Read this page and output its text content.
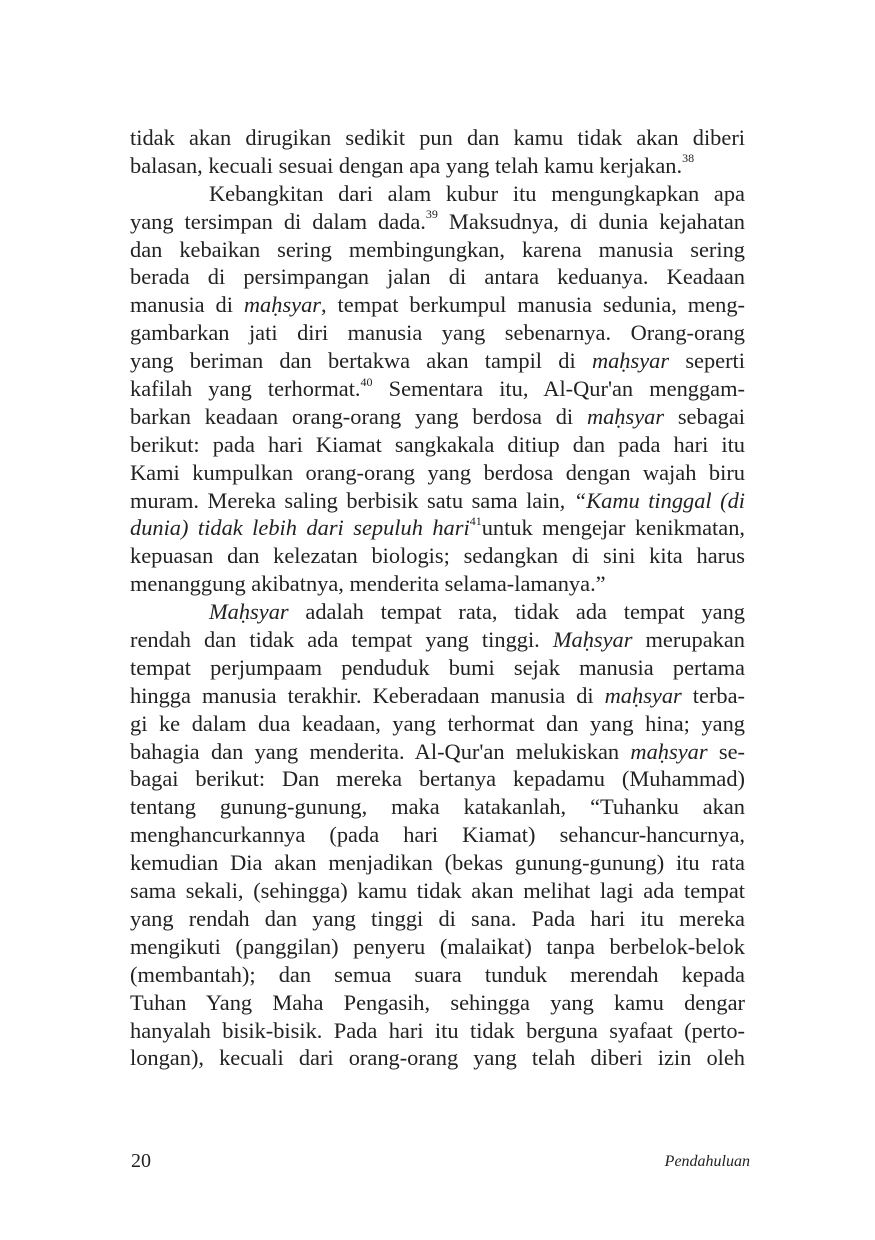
tidak akan dirugikan sedikit pun dan kamu tidak akan diberi
balasan, kecuali sesuai dengan apa yang telah kamu kerjakan.$^{38}$
Kebangkitan dari alam kubur itu mengungkapkan apa
yang tersimpan di dalam dada.$^{39}$ Maksudnya, di dunia kejahatan
dan kebaikan sering membingungkan, karena manusia sering
berada di persimpangan jalan di antara keduanya. Keadaan
manusia di maḥsyar, tempat berkumpul manusia sedunia, meng-
gambarkan jati diri manusia yang sebenarnya. Orang-orang
yang beriman dan bertakwa akan tampil di maḥsyar seperti
kafilah yang terhormat.$^{40}$ Sementara itu, Al-Qur'an menggam-
barkan keadaan orang-orang yang berdosa di maḥsyar sebagai
berikut: pada hari Kiamat sangkakala ditiup dan pada hari itu
Kami kumpulkan orang-orang yang berdosa dengan wajah biru
muram. Mereka saling berbisik satu sama lain, “Kamu tinggal (di
dunia) tidak lebih dari sepuluh hari$^{41}$untuk mengejar kenikmatan,
kepuasan dan kelezatan biologis; sedangkan di sini kita harus
menanggung akibatnya, menderita selama-lamanya.”
Maḥsyar adalah tempat rata, tidak ada tempat yang
rendah dan tidak ada tempat yang tinggi. Maḥsyar merupakan
tempat perjumpaam penduduk bumi sejak manusia pertama
hingga manusia terakhir. Keberadaan manusia di maḥsyar terba-
gi ke dalam dua keadaan, yang terhormat dan yang hina; yang
bahagia dan yang menderita. Al-Qur'an melukiskan maḥsyar se-
bagai berikut: Dan mereka bertanya kepadamu (Muhammad)
tentang gunung-gunung, maka katakanlah, “Tuhanku akan
menghancurkannya (pada hari Kiamat) sehancur-hancurnya,
kemudian Dia akan menjadikan (bekas gunung-gunung) itu rata
sama sekali, (sehingga) kamu tidak akan melihat lagi ada tempat
yang rendah dan yang tinggi di sana. Pada hari itu mereka
mengikuti (panggilan) penyeru (malaikat) tanpa berbelok-belok
(membantah); dan semua suara tunduk merendah kepada
Tuhan Yang Maha Pengasih, sehingga yang kamu dengar
hanyalah bisik-bisik. Pada hari itu tidak berguna syafaat (perto-
longan), kecuali dari orang-orang yang telah diberi izin oleh
20	Pendahuluan
